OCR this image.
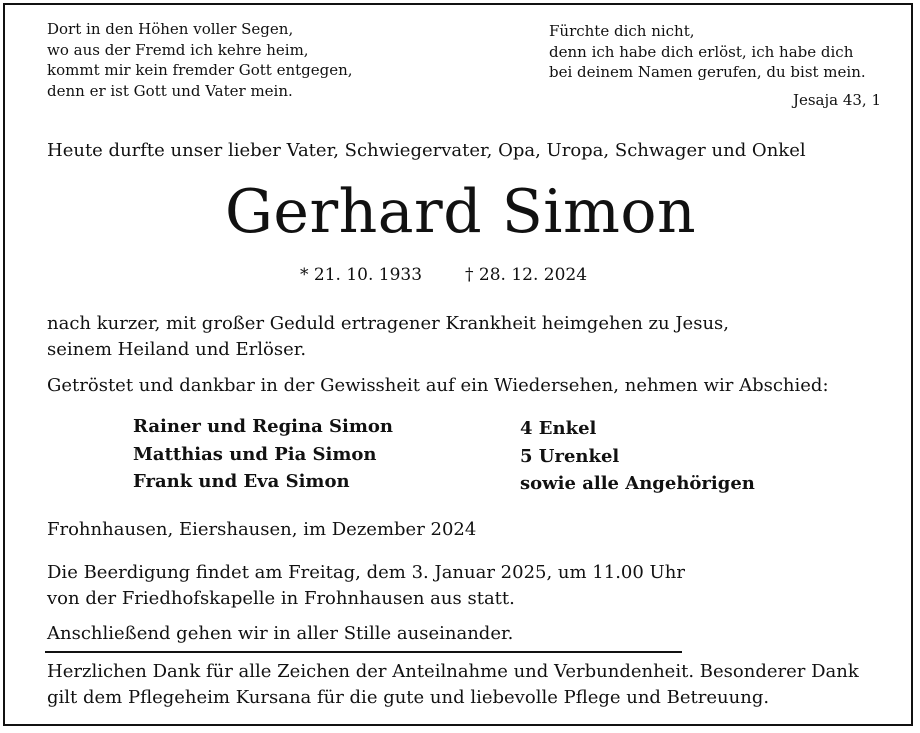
Dort in den Höhen voller Segen,
wo aus der Fremd ich kehre heim,
kommt mir kein fremder Gott entgegen,
denn er ist Gott und Vater mein.
Fürchte dich nicht,
denn ich habe dich erlöst, ich habe dich
bei deinem Namen gerufen, du bist mein.
Jesaja 43, 1
Heute durfte unser lieber Vater, Schwiegervater, Opa, Uropa, Schwager und Onkel
Gerhard Simon
* 21. 10. 1933	† 28. 12. 2024
nach kurzer, mit großer Geduld ertragener Krankheit heimgehen zu Jesus,
seinem Heiland und Erlöser.
Getröstet und dankbar in der Gewissheit auf ein Wiedersehen, nehmen wir Abschied:
Rainer und Regina Simon
Matthias und Pia Simon
Frank und Eva Simon
4 Enkel
5 Urenkel
sowie alle Angehörigen
Frohnhausen, Eiershausen, im Dezember 2024
Die Beerdigung findet am Freitag, dem 3. Januar 2025, um 11.00 Uhr
von der Friedhofskapelle in Frohnhausen aus statt.
Anschließend gehen wir in aller Stille auseinander.
Herzlichen Dank für alle Zeichen der Anteilnahme und Verbundenheit. Besonderer Dank
gilt dem Pflegeheim Kursana für die gute und liebevolle Pflege und Betreuung.
